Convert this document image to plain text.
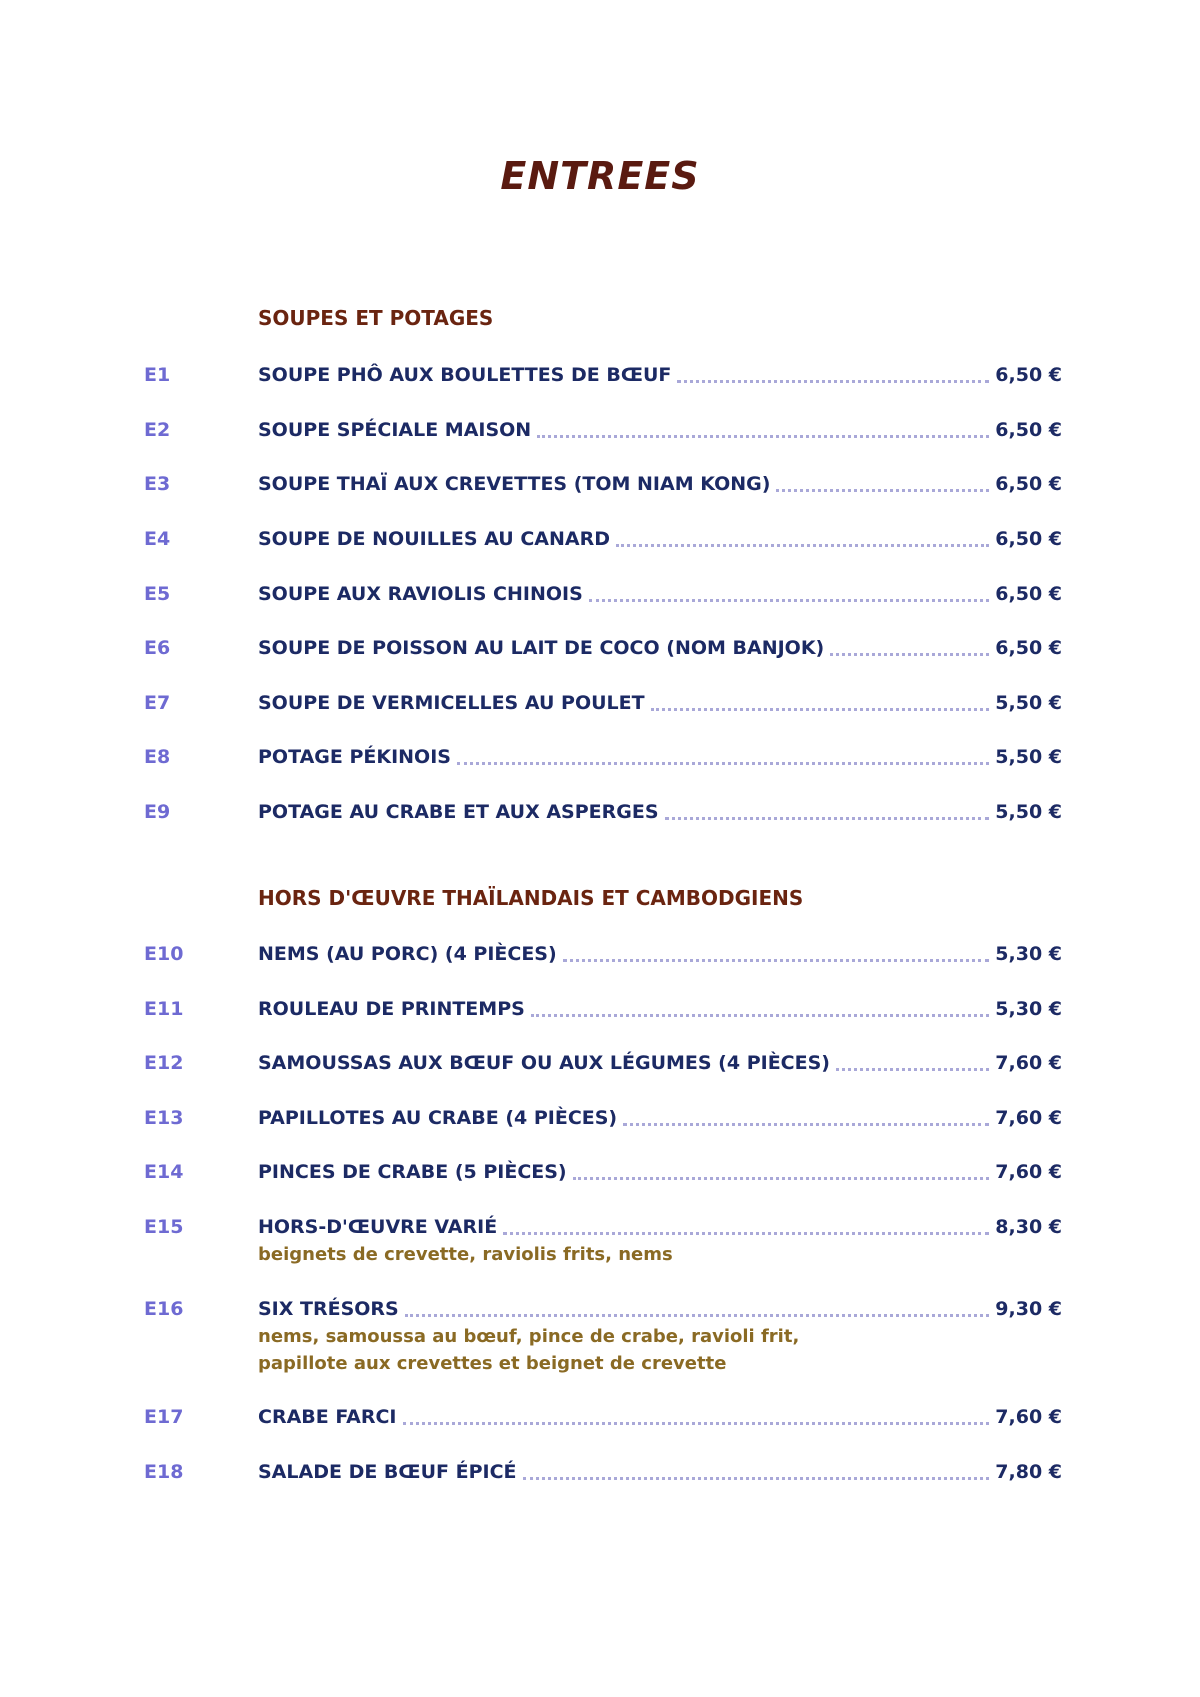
ENTREES
SOUPES ET POTAGES
E1	SOUPE PHÔ AUX BOULETTES DE BŒUF	6,50 €
E2	SOUPE SPÉCIALE MAISON	6,50 €
E3	SOUPE THAÏ AUX CREVETTES (TOM NIAM KONG)	6,50 €
E4	SOUPE DE NOUILLES AU CANARD	6,50 €
E5	SOUPE AUX RAVIOLIS CHINOIS	6,50 €
E6	SOUPE DE POISSON AU LAIT DE COCO (NOM BANJOK)	6,50 €
E7	SOUPE DE VERMICELLES AU POULET	5,50 €
E8	POTAGE PÉKINOIS	5,50 €
E9	POTAGE AU CRABE ET AUX ASPERGES	5,50 €
HORS D'ŒUVRE THAÏLANDAIS ET CAMBODGIENS
E10	NEMS (AU PORC) (4 PIÈCES)	5,30 €
E11	ROULEAU DE PRINTEMPS	5,30 €
E12	SAMOUSSAS AUX BŒUF OU AUX LÉGUMES (4 PIÈCES)	7,60 €
E13	PAPILLOTES AU CRABE (4 PIÈCES)	7,60 €
E14	PINCES DE CRABE (5 PIÈCES)	7,60 €
E15	HORS-D'ŒUVRE VARIÉ	8,30 €
beignets de crevette, raviolis frits, nems
E16	SIX TRÉSORS	9,30 €
nems, samoussa au bœuf, pince de crabe, ravioli frit,
papillote aux crevettes et beignet de crevette
E17	CRABE FARCI	7,60 €
E18	SALADE DE BŒUF ÉPICÉ	7,80 €
